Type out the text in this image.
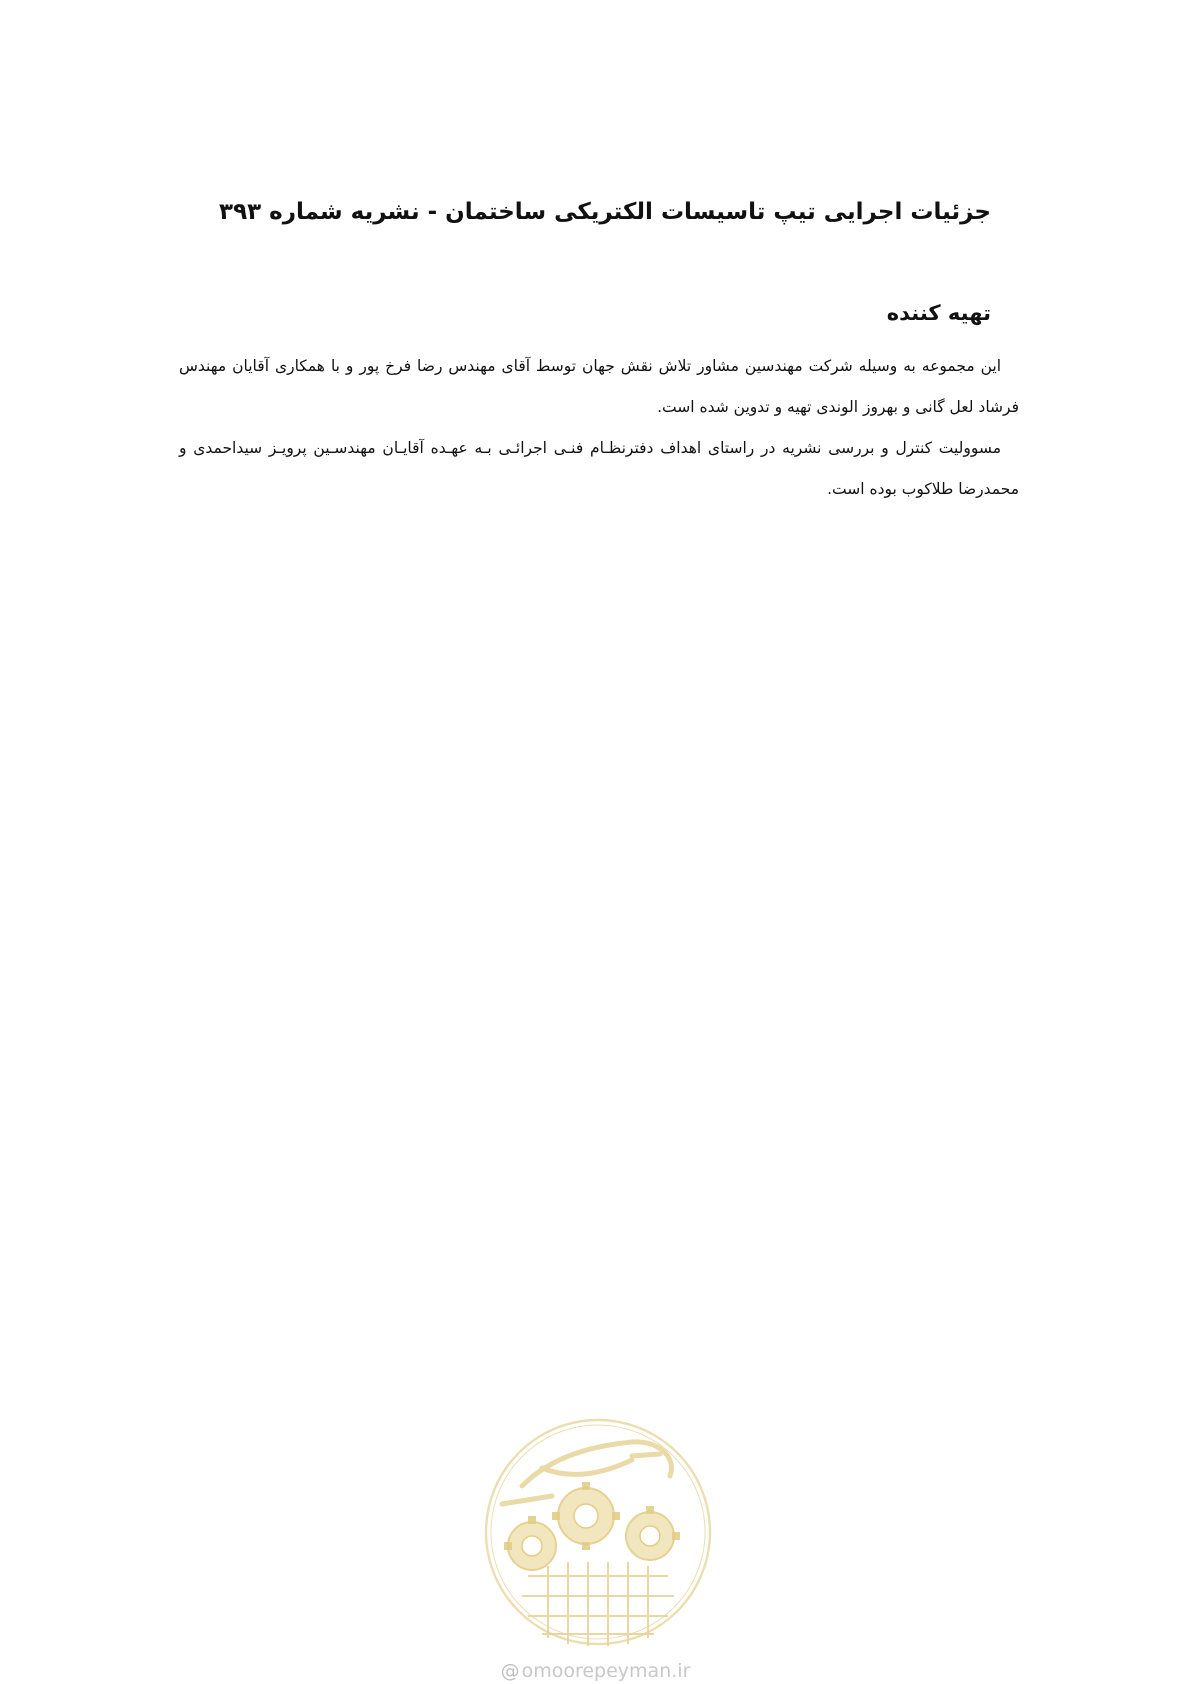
جزئیات اجرایی تیپ تاسیسات الکتریکی ساختمان - نشریه شماره ۳۹۳
تهیه کننده

این مجموعه به وسیله شرکت مهندسین مشاور تلاش نقش جهان توسط آقای مهندس رضا فرخ پور و با همکاری آقایان مهندس فرشاد لعل گانی و بهروز الوندی تهیه و تدوین شده است.

مسوولیت کنترل و بررسی نشریه در راستای اهداف دفترنظـام فنـی اجرائـی بـه عهـده آقایـان مهندسـین پرویـز سیداحمدی و محمدرضا طلاکوب بوده است.

@ omoorepeyman.ir
